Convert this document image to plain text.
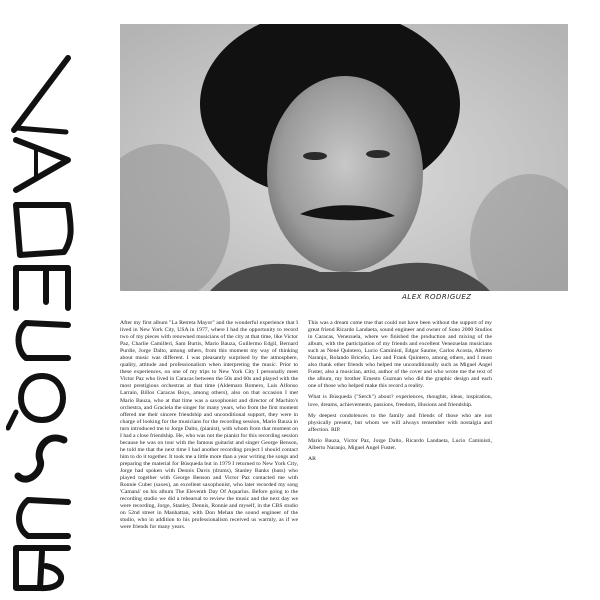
ALEX RODRIGUEZ

After my first album "La Retreta Mayor" and the wonderful experience that I lived in New York City, USA in 1977, where I had the opportunity to record two of my pieces with renowned musicians of the city at that time, like Victor Paz, Charlie Camilleri, Sam Burtis, Mario Bauza, Guillermo Edgil, Bernard Purdie, Jorge Dalto, among others, from this moment my way of thinking about music was different. I was pleasantly surprised by the atmosphere, quality, attitude and professionalism when interpreting the music. Prior to these experiences, on one of my trips to New York City I personally meet Victor Paz who lived in Caracas between the 50s and 60s and played with the most prestigious orchestras at that time (Aldemaro Romero, Luis Alfonso Larrain, Billos Caracas Boys, among others), also on that occasion I met Mario Bauza, who at that time was a saxophonist and director of Machito's orchestra, and Graciela the singer for many years, who from the first moment offered me their sincere friendship and unconditional support, they were in charge of looking for the musicians for the recording session, Mario Bauza in turn introduced me to Jorge Dalto, (pianist), with whom from that moment on I had a close friendship. He, who was not the pianist for this recording session because he was on tour with the famous guitarist and singer George Benson, he told me that the next time I had another recording project I should contact him to do it together. It took me a little more than a year writing the songs and preparing the material for Búsqueda but in 1979 I returned to New York City, Jorge had spoken with Dennis Davis (drums), Stanley Banks (bass) who played together with George Benson and Victor Paz contacted me with Ronnie Cuber (saxes), an excellent saxophonist, who later recorded my song 'Camaná' on his album The Eleventh Day Of Aquarius. Before going to the recording studio we did a rehearsal to review the music and the next day we were recording, Jorge, Stanley, Dennis, Ronnie and myself, in the CBS studio on 52nd street in Manhattan, with Don Mehan the sound engineer of the studio, who in addition to his professionalism received us warmly, as if we were friends for many years.

This was a dream come true that could not have been without the support of my great friend Ricardo Landaeta, sound engineer and owner of Sono 2000 Studios in Caracas, Venezuela, where we finished the production and mixing of the album, with the participation of my friends and excellent Venezuelan musicians such as Nené Quintero, Lucio Caministi, Edgar Saume, Carlos Acosta, Alberto Naranjo, Rolando Briceño, Leo and Frank Quintero, among others, and I must also thank other friends who helped me unconditionally such as Miguel Angel Fuster, also a musician, artist, author of the cover and who wrote me the text of the album, my brother Ernesto Guzman who did the graphic design and each one of those who helped make this record a reality.

What is Búsqueda ("Serch") about? experiences, thoughts, ideas, inspiration, love, dreams, achievements, passions, freedom, illusions and friendship.

My deepest condolences to the family and friends of those who are not physically present, but whom we will always remember with nostalgia and affection. RIP.

Mario Bauza, Victor Paz, Jorge Dalto, Ricardo Landaeta, Lucio Caministi, Alberto Naranjo, Miguel Angel Fuster.

AR
